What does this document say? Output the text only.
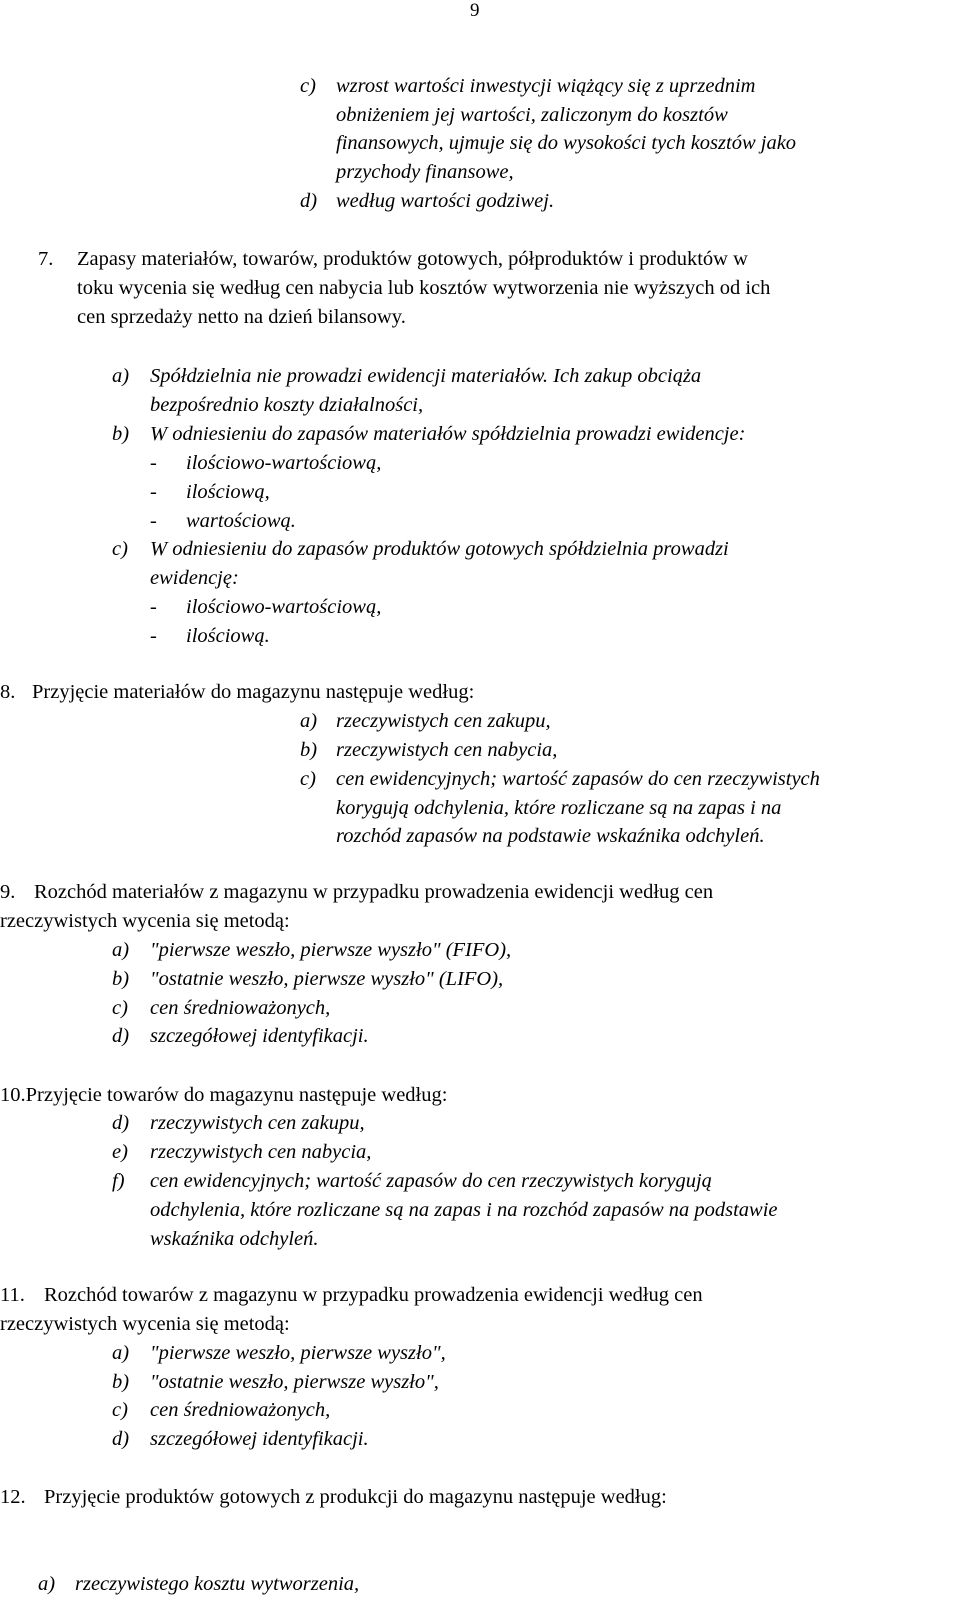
9
c) wzrost wartości inwestycji wiążący się z uprzednim
obniżeniem jej wartości, zaliczonym do kosztów
finansowych, ujmuje się do wysokości tych kosztów jako
przychody finansowe,
d) według wartości godziwej.
7. Zapasy materiałów, towarów, produktów gotowych, półproduktów i produktów w
toku wycenia się według cen nabycia lub kosztów wytworzenia nie wyższych od ich
cen sprzedaży netto na dzień bilansowy.
a) Spółdzielnia nie prowadzi ewidencji materiałów. Ich zakup obciąża
bezpośrednio koszty działalności,
b) W odniesieniu do zapasów materiałów spółdzielnia prowadzi ewidencje:
- ilościowo-wartościową,
- ilościową,
- wartościową.
c) W odniesieniu do zapasów produktów gotowych spółdzielnia prowadzi
ewidencję:
- ilościowo-wartościową,
- ilościową.
8. Przyjęcie materiałów do magazynu następuje według:
a) rzeczywistych cen zakupu,
b) rzeczywistych cen nabycia,
c) cen ewidencyjnych; wartość zapasów do cen rzeczywistych
korygują odchylenia, które rozliczane są na zapas i na
rozchód zapasów na podstawie wskaźnika odchyleń.
9. Rozchód materiałów z magazynu w przypadku prowadzenia ewidencji według cen
rzeczywistych wycenia się metodą:
a) "pierwsze weszło, pierwsze wyszło" (FIFO),
b) "ostatnie weszło, pierwsze wyszło" (LIFO),
c) cen średnioważonych,
d) szczegółowej identyfikacji.
10.Przyjęcie towarów do magazynu następuje według:
d) rzeczywistych cen zakupu,
e) rzeczywistych cen nabycia,
f) cen ewidencyjnych; wartość zapasów do cen rzeczywistych korygują
odchylenia, które rozliczane są na zapas i na rozchód zapasów na podstawie
wskaźnika odchyleń.
11. Rozchód towarów z magazynu w przypadku prowadzenia ewidencji według cen
rzeczywistych wycenia się metodą:
a) "pierwsze weszło, pierwsze wyszło",
b) "ostatnie weszło, pierwsze wyszło",
c) cen średnioważonych,
d) szczegółowej identyfikacji.
12. Przyjęcie produktów gotowych z produkcji do magazynu następuje według:
a) rzeczywistego kosztu wytworzenia,
